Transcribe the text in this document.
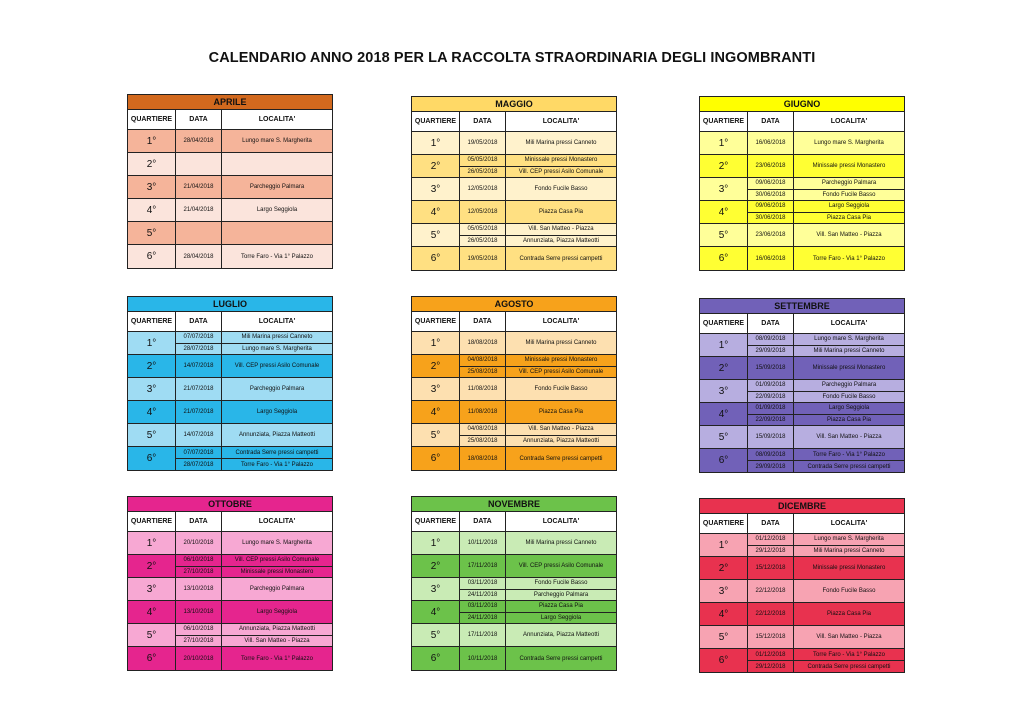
CALENDARIO ANNO 2018 PER LA RACCOLTA STRAORDINARIA DEGLI INGOMBRANTI
APRILE
QUARTIERE	DATA	LOCALITA'
1°	28/04/2018	Lungo mare S. Margherita
2°
3°	21/04/2018	Parcheggio Palmara
4°	21/04/2018	Largo Seggiola
5°
6°	28/04/2018	Torre Faro - Via 1° Palazzo
MAGGIO
QUARTIERE	DATA	LOCALITA'
1°	19/05/2018	Mili Marina pressi Canneto
2°
05/05/2018	Minissale pressi Monastero
26/05/2018	Vill. CEP pressi Asilo Comunale
3°	12/05/2018	Fondo Fucile Basso
4°	12/05/2018	Piazza Casa Pia
5°
05/05/2018	Vill. San Matteo - Piazza
26/05/2018	Annunziata, Piazza Matteotti
6°	19/05/2018	Contrada Serre pressi campetti
GIUGNO
QUARTIERE	DATA	LOCALITA'
1°	16/06/2018	Lungo mare S. Margherita
2°	23/06/2018	Minissale pressi Monastero
3°
09/06/2018	Parcheggio Palmara
30/06/2018	Fondo Fucile Basso
4°
09/06/2018	Largo Seggiola
30/06/2018	Piazza Casa Pia
5°	23/06/2018	Vill. San Matteo - Piazza
6°	16/06/2018	Torre Faro - Via 1° Palazzo
LUGLIO
QUARTIERE	DATA	LOCALITA'
1°
07/07/2018	Mili Marina pressi Canneto
28/07/2018	Lungo mare S. Margherita
2°	14/07/2018	Vill. CEP pressi Asilo Comunale
3°	21/07/2018	Parcheggio Palmara
4°	21/07/2018	Largo Seggiola
5°	14/07/2018	Annunziata, Piazza Matteotti
6°
07/07/2018	Contrada Serre pressi campetti
28/07/2018	Torre Faro - Via 1° Palazzo
AGOSTO
QUARTIERE	DATA	LOCALITA'
1°	18/08/2018	Mili Marina pressi Canneto
2°
04/08/2018	Minissale pressi Monastero
25/08/2018	Vill. CEP pressi Asilo Comunale
3°	11/08/2018	Fondo Fucile Basso
4°	11/08/2018	Piazza Casa Pia
5°
04/08/2018	Vill. San Matteo - Piazza
25/08/2018	Annunziata, Piazza Matteotti
6°	18/08/2018	Contrada Serre pressi campetti
SETTEMBRE
QUARTIERE	DATA	LOCALITA'
1°
08/09/2018	Lungo mare S. Margherita
29/09/2018	Mili Marina pressi Canneto
2°	15/09/2018	Minissale pressi Monastero
3°
01/09/2018	Parcheggio Palmara
22/09/2018	Fondo Fucile Basso
4°
01/09/2018	Largo Seggiola
22/09/2018	Piazza Casa Pia
5°	15/09/2018	Vill. San Matteo - Piazza
6°
08/09/2018	Torre Faro - Via 1° Palazzo
29/09/2018	Contrada Serre pressi campetti
OTTOBRE
QUARTIERE	DATA	LOCALITA'
1°	20/10/2018	Lungo mare S. Margherita
2°
06/10/2018	Vill. CEP pressi Asilo Comunale
27/10/2018	Minissale pressi Monastero
3°	13/10/2018	Parcheggio Palmara
4°	13/10/2018	Largo Seggiola
5°
06/10/2018	Annunziata, Piazza Matteotti
27/10/2018	Vill. San Matteo - Piazza
6°	20/10/2018	Torre Faro - Via 1° Palazzo
NOVEMBRE
QUARTIERE	DATA	LOCALITA'
1°	10/11/2018	Mili Marina pressi Canneto
2°	17/11/2018	Vill. CEP pressi Asilo Comunale
3°
03/11/2018	Fondo Fucile Basso
24/11/2018	Parcheggio Palmara
4°
03/11/2018	Piazza Casa Pia
24/11/2018	Largo Seggiola
5°	17/11/2018	Annunziata, Piazza Matteotti
6°	10/11/2018	Contrada Serre pressi campetti
DICEMBRE
QUARTIERE	DATA	LOCALITA'
1°
01/12/2018	Lungo mare S. Margherita
29/12/2018	Mili Marina pressi Canneto
2°	15/12/2018	Minissale pressi Monastero
3°	22/12/2018	Fondo Fucile Basso
4°	22/12/2018	Piazza Casa Pia
5°	15/12/2018	Vill. San Matteo - Piazza
6°
01/12/2018	Torre Faro - Via 1° Palazzo
29/12/2018	Contrada Serre pressi campetti
